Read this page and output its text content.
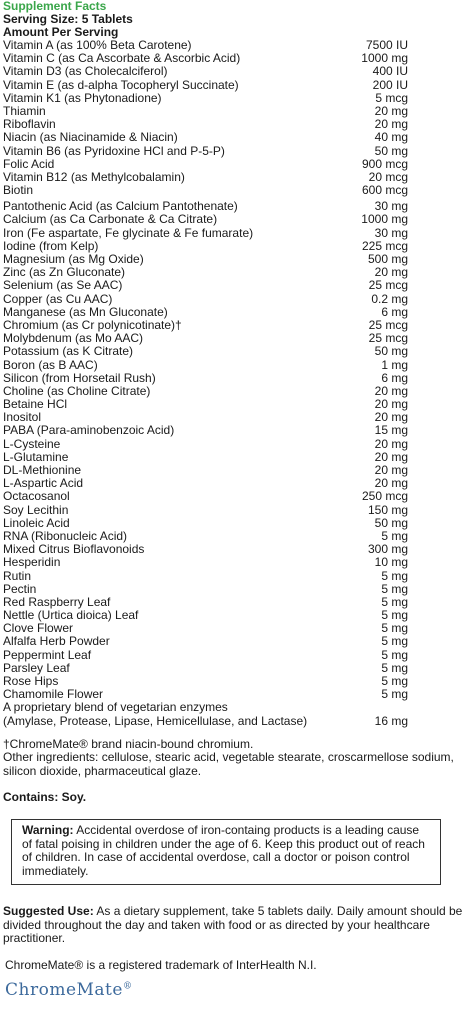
Supplement Facts
Serving Size: 5 Tablets
Amount Per Serving
Vitamin A (as 100% Beta Carotene)	7500 IU
Vitamin C (as Ca Ascorbate & Ascorbic Acid)	1000 mg
Vitamin D3 (as Cholecalciferol)	400 IU
Vitamin E (as d-alpha Tocopheryl Succinate)	200 IU
Vitamin K1 (as Phytonadione)	5 mcg
Thiamin	20 mg
Riboflavin	20 mg
Niacin (as Niacinamide & Niacin)	40 mg
Vitamin B6 (as Pyridoxine HCl and P-5-P)	50 mg
Folic Acid	900 mcg
Vitamin B12 (as Methylcobalamin)	20 mcg
Biotin	600 mcg
Pantothenic Acid (as Calcium Pantothenate)	30 mg
Calcium (as Ca Carbonate & Ca Citrate)	1000 mg
Iron (Fe aspartate, Fe glycinate & Fe fumarate)	30 mg
Iodine (from Kelp)	225 mcg
Magnesium (as Mg Oxide)	500 mg
Zinc (as Zn Gluconate)	20 mg
Selenium (as Se AAC)	25 mcg
Copper (as Cu AAC)	0.2 mg
Manganese (as Mn Gluconate)	6 mg
Chromium (as Cr polynicotinate)†	25 mcg
Molybdenum (as Mo AAC)	25 mcg
Potassium (as K Citrate)	50 mg
Boron (as B AAC)	1 mg
Silicon (from Horsetail Rush)	6 mg
Choline (as Choline Citrate)	20 mg
Betaine HCl	20 mg
Inositol	20 mg
PABA (Para-aminobenzoic Acid)	15 mg
L-Cysteine	20 mg
L-Glutamine	20 mg
DL-Methionine	20 mg
L-Aspartic Acid	20 mg
Octacosanol	250 mcg
Soy Lecithin	150 mg
Linoleic Acid	50 mg
RNA (Ribonucleic Acid)	5 mg
Mixed Citrus Bioflavonoids	300 mg
Hesperidin	10 mg
Rutin	5 mg
Pectin	5 mg
Red Raspberry Leaf	5 mg
Nettle (Urtica dioica) Leaf	5 mg
Clove Flower	5 mg
Alfalfa Herb Powder	5 mg
Peppermint Leaf	5 mg
Parsley Leaf	5 mg
Rose Hips	5 mg
Chamomile Flower	5 mg
A proprietary blend of vegetarian enzymes
(Amylase, Protease, Lipase, Hemicellulase, and Lactase)	16 mg
†ChromeMate® brand niacin-bound chromium.
Other ingredients: cellulose, stearic acid, vegetable stearate, croscarmellose sodium, silicon dioxide, pharmaceutical glaze.
Contains: Soy.
Warning: Accidental overdose of iron-containg products is a leading cause of fatal poising in children under the age of 6. Keep this product out of reach of children. In case of accidental overdose, call a doctor or poison control immediately.
Suggested Use: As a dietary supplement, take 5 tablets daily. Daily amount should be divided throughout the day and taken with food or as directed by your healthcare practitioner.
ChromeMate® is a registered trademark of InterHealth N.I.
ChromeMate®
